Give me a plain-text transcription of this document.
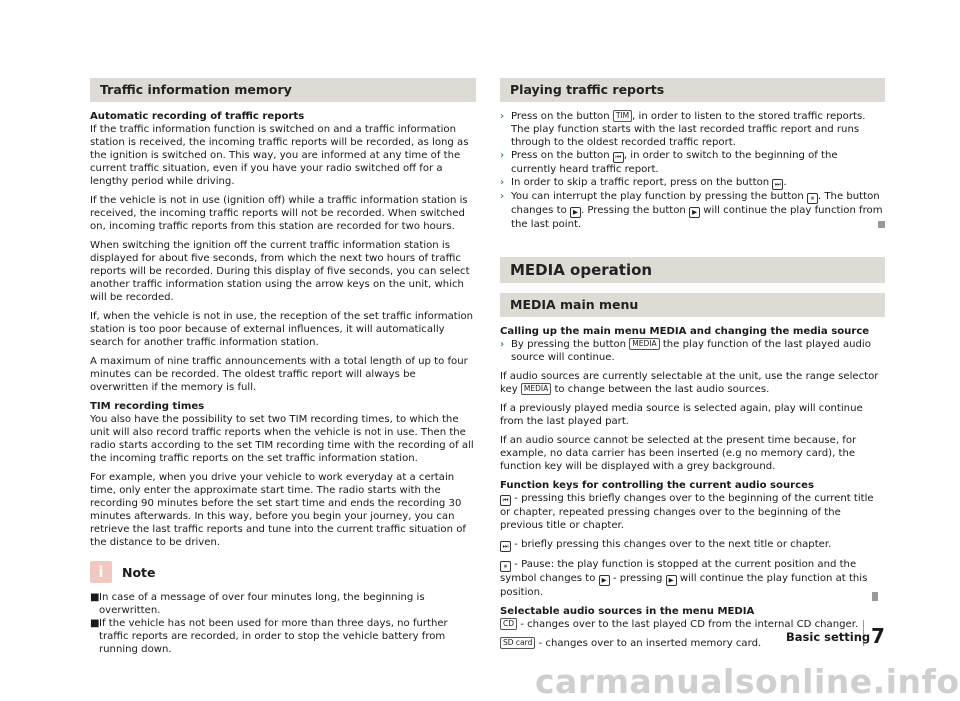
Traffic information memory
Automatic recording of traffic reports

If the traffic information function is switched on and a traffic information station is received, the incoming traffic reports will be recorded, as long as the ignition is switched on. This way, you are informed at any time of the current traffic situation, even if you have your radio switched off for a lengthy period while driving.

If the vehicle is not in use (ignition off) while a traffic information station is received, the incoming traffic reports will not be recorded. When switched on, incoming traffic reports from this station are recorded for two hours.

When switching the ignition off the current traffic information station is displayed for about five seconds, from which the next two hours of traffic reports will be recorded. During this display of five seconds, you can select another traffic information station using the arrow keys on the unit, which will be recorded.

If, when the vehicle is not in use, the reception of the set traffic information station is too poor because of external influences, it will automatically search for another traffic information station.

A maximum of nine traffic announcements with a total length of up to four minutes can be recorded. The oldest traffic report will always be overwritten if the memory is full.

TIM recording times

You also have the possibility to set two TIM recording times, to which the unit will also record traffic reports when the vehicle is not in use. Then the radio starts according to the set TIM recording time with the recording of all the incoming traffic reports on the set traffic information station.

For example, when you drive your vehicle to work everyday at a certain time, only enter the approximate start time. The radio starts with the recording 90 minutes before the set start time and ends the recording 30 minutes afterwards. In this way, before you begin your journey, you can retrieve the last traffic reports and tune into the current traffic situation of the distance to be driven.

i	Note
■ In case of a message of over four minutes long, the beginning is overwritten.
■ If the vehicle has not been used for more than three days, no further traffic reports are recorded, in order to stop the vehicle battery from running down.
Playing traffic reports
› Press on the button TIM , in order to listen to the stored traffic reports. The play function starts with the last recorded traffic report and runs through to the oldest recorded traffic report.
› Press on the button ⏮ , in order to switch to the beginning of the currently heard traffic report.
› In order to skip a traffic report, press on the button ⏭ .
› You can interrupt the play function by pressing the button ⏸ . The button changes to ▶ . Pressing the button ▶ will continue the play function from the last point.
MEDIA operation
MEDIA main menu
Calling up the main menu MEDIA and changing the media source
› By pressing the button MEDIA the play function of the last played audio source will continue.

If audio sources are currently selectable at the unit, use the range selector key MEDIA to change between the last audio sources.

If a previously played media source is selected again, play will continue from the last played part.

If an audio source cannot be selected at the present time because, for example, no data carrier has been inserted (e.g no memory card), the function key will be displayed with a grey background.

Function keys for controlling the current audio sources

⏮ - pressing this briefly changes over to the beginning of the current title or chapter, repeated pressing changes over to the beginning of the previous title or chapter.

⏭ - briefly pressing this changes over to the next title or chapter.

⏸ - Pause: the play function is stopped at the current position and the symbol changes to ▶ - pressing ▶ will continue the play function at this position.

Selectable audio sources in the menu MEDIA

CD - changes over to the last played CD from the internal CD changer.

SD card - changes over to an inserted memory card.	Basic setting 7
carmanualsonline.info
